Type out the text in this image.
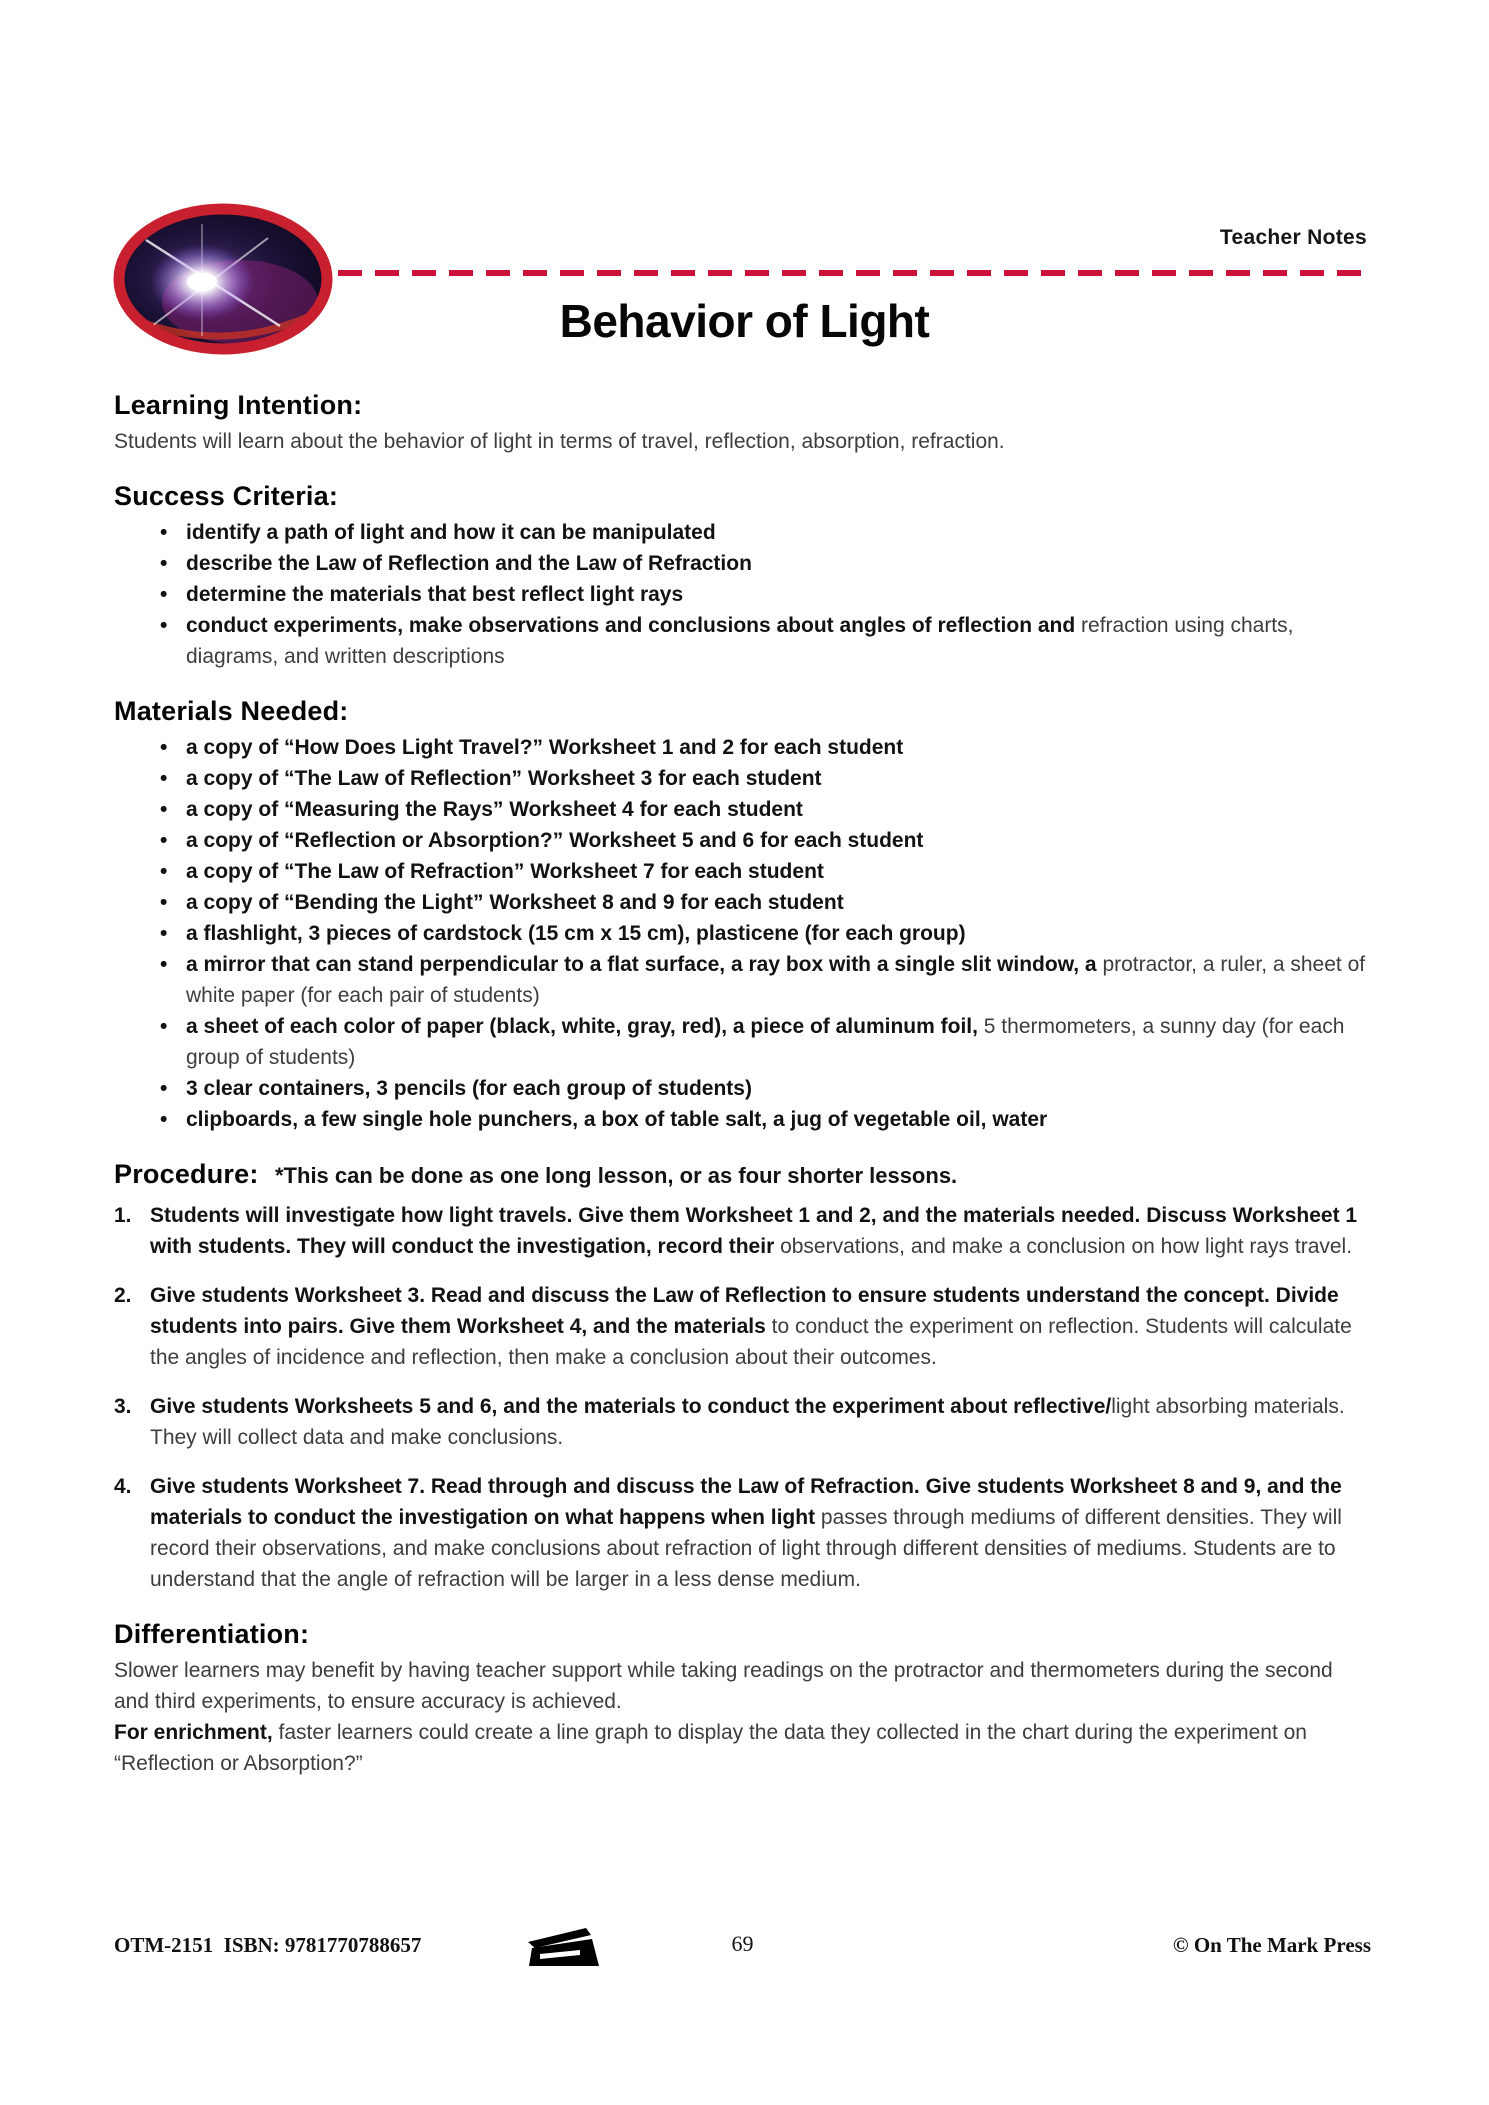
Teacher Notes
Behavior of Light
Learning Intention:

Students will learn about the behavior of light in terms of travel, reflection, absorption, refraction.

Success Criteria:
• identify a path of light and how it can be manipulated
• describe the Law of Reflection and the Law of Refraction
• determine the materials that best reflect light rays
• conduct experiments, make observations and conclusions about angles of reflection and refraction using charts, diagrams, and written descriptions
Materials Needed:
• a copy of “How Does Light Travel?” Worksheet 1 and 2 for each student
• a copy of “The Law of Reflection” Worksheet 3 for each student
• a copy of “Measuring the Rays” Worksheet 4 for each student
• a copy of “Reflection or Absorption?” Worksheet 5 and 6 for each student
• a copy of “The Law of Refraction” Worksheet 7 for each student
• a copy of “Bending the Light” Worksheet 8 and 9 for each student
• a flashlight, 3 pieces of cardstock (15 cm x 15 cm), plasticene (for each group)
• a mirror that can stand perpendicular to a flat surface, a ray box with a single slit window, a protractor, a ruler, a sheet of white paper (for each pair of students)
• a sheet of each color of paper (black, white, gray, red), a piece of aluminum foil, 5 thermometers, a sunny day (for each group of students)
• 3 clear containers, 3 pencils (for each group of students)
• clipboards, a few single hole punchers, a box of table salt, a jug of vegetable oil, water
Procedure: *This can be done as one long lesson, or as four shorter lessons.
1. Students will investigate how light travels. Give them Worksheet 1 and 2, and the materials needed. Discuss Worksheet 1 with students. They will conduct the investigation, record their observations, and make a conclusion on how light rays travel.
2. Give students Worksheet 3. Read and discuss the Law of Reflection to ensure students understand the concept. Divide students into pairs. Give them Worksheet 4, and the materials to conduct the experiment on reflection. Students will calculate the angles of incidence and reflection, then make a conclusion about their outcomes.
3. Give students Worksheets 5 and 6, and the materials to conduct the experiment about reflective/light absorbing materials. They will collect data and make conclusions.
4. Give students Worksheet 7. Read through and discuss the Law of Refraction. Give students Worksheet 8 and 9, and the materials to conduct the investigation on what happens when light passes through mediums of different densities. They will record their observations, and make conclusions about refraction of light through different densities of mediums. Students are to understand that the angle of refraction will be larger in a less dense medium.
Differentiation:

Slower learners may benefit by having teacher support while taking readings on the protractor and thermometers during the second and third experiments, to ensure accuracy is achieved.

For enrichment, faster learners could create a line graph to display the data they collected in the chart during the experiment on “Reflection or Absorption?”

OTM-2151  ISBN: 9781770788657	69	© On The Mark Press
